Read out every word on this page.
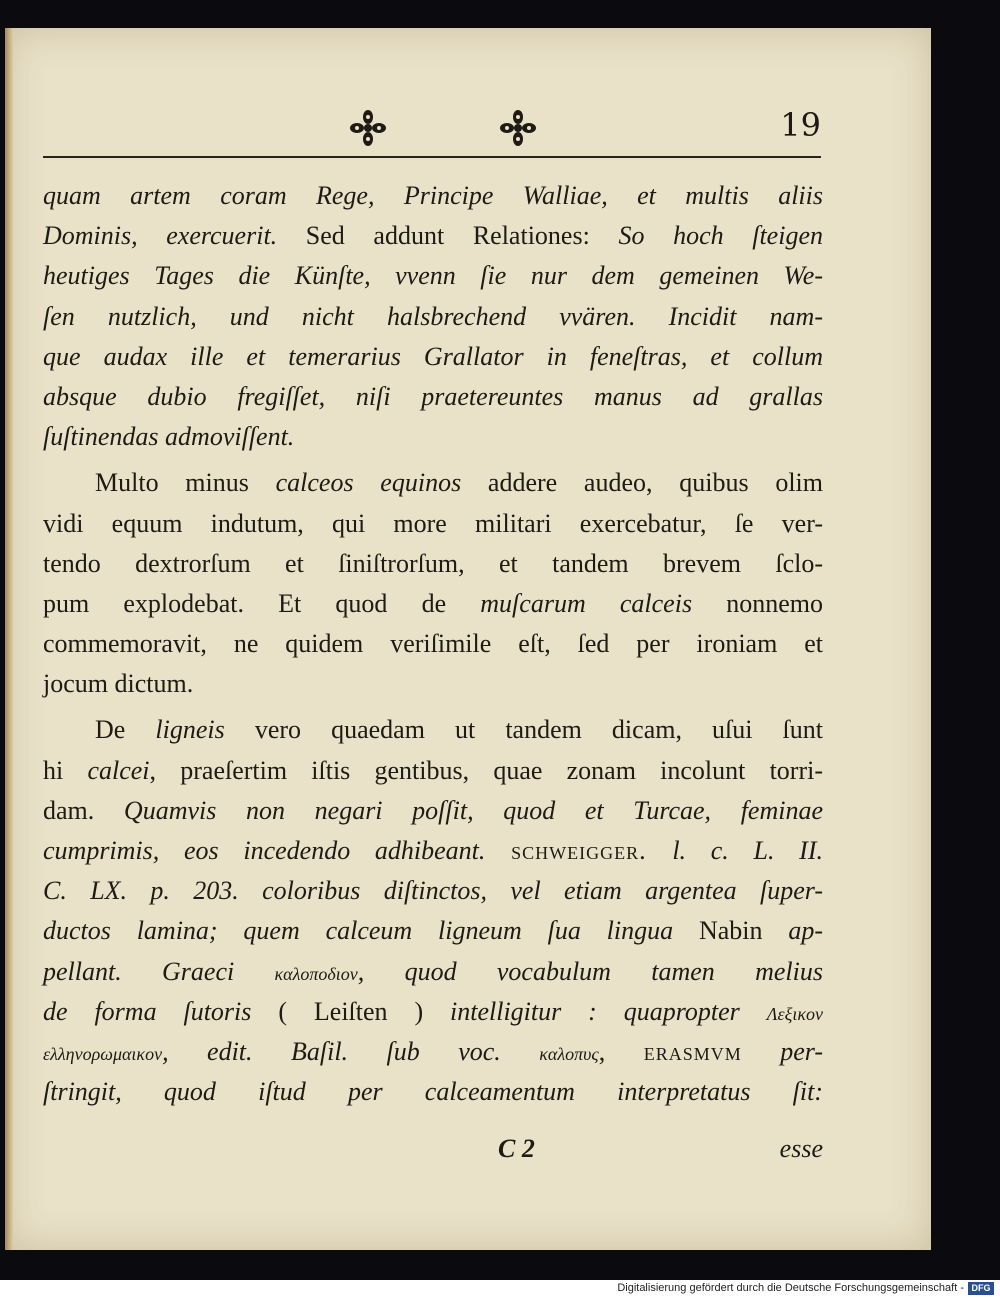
19
quam artem coram Rege, Principe Walliae, et multis aliis
Dominis, exercuerit. Sed addunt Relationes: So hoch ſteigen
heutiges Tages die Künſte, vvenn ſie nur dem gemeinen We-
ſen nutzlich, und nicht halsbrechend vvären. Incidit nam-
que audax ille et temerarius Grallator in feneſtras, et collum
absque dubio fregiſſet, niſi praetereuntes manus ad grallas
ſuſtinendas admoviſſent.
Multo minus calceos equinos addere audeo, quibus olim
vidi equum indutum, qui more militari exercebatur, ſe ver-
tendo dextrorſum et ſiniſtrorſum, et tandem brevem ſclo-
pum explodebat. Et quod de muſcarum calceis nonnemo
commemoravit, ne quidem veriſimile eſt, ſed per ironiam et
jocum dictum.
De ligneis vero quaedam ut tandem dicam, uſui ſunt
hi calcei, praeſertim iſtis gentibus, quae zonam incolunt torri-
dam. Quamvis non negari poſſit, quod et Turcae, feminae
cumprimis, eos incedendo adhibeant. schweigger. l. c. L. II.
C. LX. p. 203. coloribus diſtinctos, vel etiam argentea ſuper-
ductos lamina; quem calceum ligneum ſua lingua Nabin ap-
pellant. Graeci καλοποδιον, quod vocabulum tamen melius
de forma ſutoris ( Leiſten ) intelligitur : quapropter Λεξικον
ελληνορωμαικον, edit. Baſil. ſub voc. καλοπυς, erasmvm per-
ſtringit, quod iſtud per calceamentum interpretatus ſit:
C 2	esse
Digitalisierung gefördert durch die Deutsche Forschungsgemeinschaft - DFG
